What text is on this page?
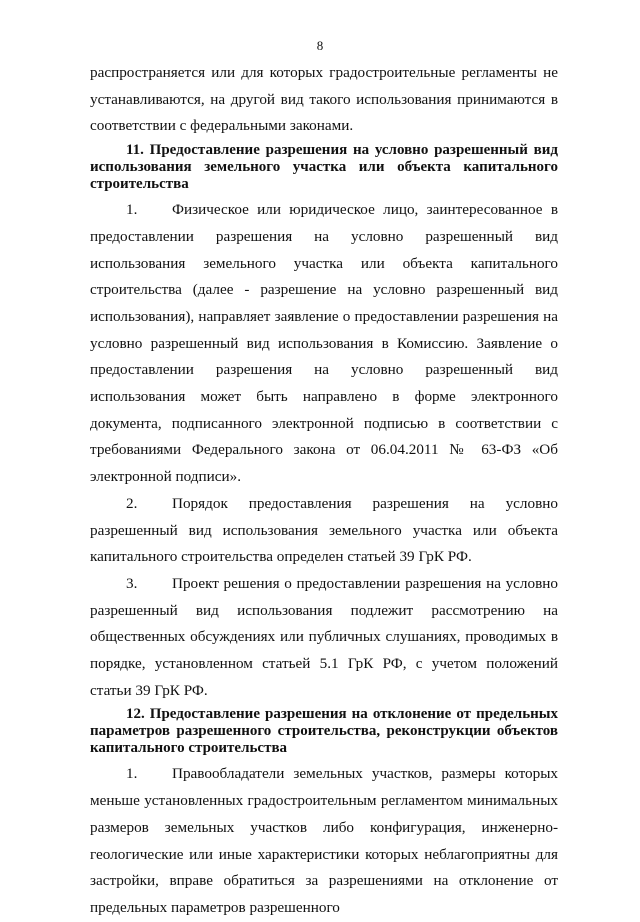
8

распространяется или для которых градостроительные регламенты не устанавливаются, на другой вид такого использования принимаются в соответствии с федеральными законами.

11. Предоставление разрешения на условно разрешенный вид использования земельного участка или объекта капитального строительства

1. Физическое или юридическое лицо, заинтересованное в предоставлении разрешения на условно разрешенный вид использования земельного участка или объекта капитального строительства (далее - разрешение на условно разрешенный вид использования), направляет заявление о предоставлении разрешения на условно разрешенный вид использования в Комиссию. Заявление о предоставлении разрешения на условно разрешенный вид использования может быть направлено в форме электронного документа, подписанного электронной подписью в соответствии с требованиями Федерального закона от 06.04.2011 № 63-ФЗ «Об электронной подписи».

2. Порядок предоставления разрешения на условно разрешенный вид использования земельного участка или объекта капитального строительства определен статьей 39 ГрК РФ.

3. Проект решения о предоставлении разрешения на условно разрешенный вид использования подлежит рассмотрению на общественных обсуждениях или публичных слушаниях, проводимых в порядке, установленном статьей 5.1 ГрК РФ, с учетом положений статьи 39 ГрК РФ.

12. Предоставление разрешения на отклонение от предельных параметров разрешенного строительства, реконструкции объектов капитального строительства

1. Правообладатели земельных участков, размеры которых меньше установленных градостроительным регламентом минимальных размеров земельных участков либо конфигурация, инженерно-геологические или иные характеристики которых неблагоприятны для застройки, вправе обратиться за разрешениями на отклонение от предельных параметров разрешенного
